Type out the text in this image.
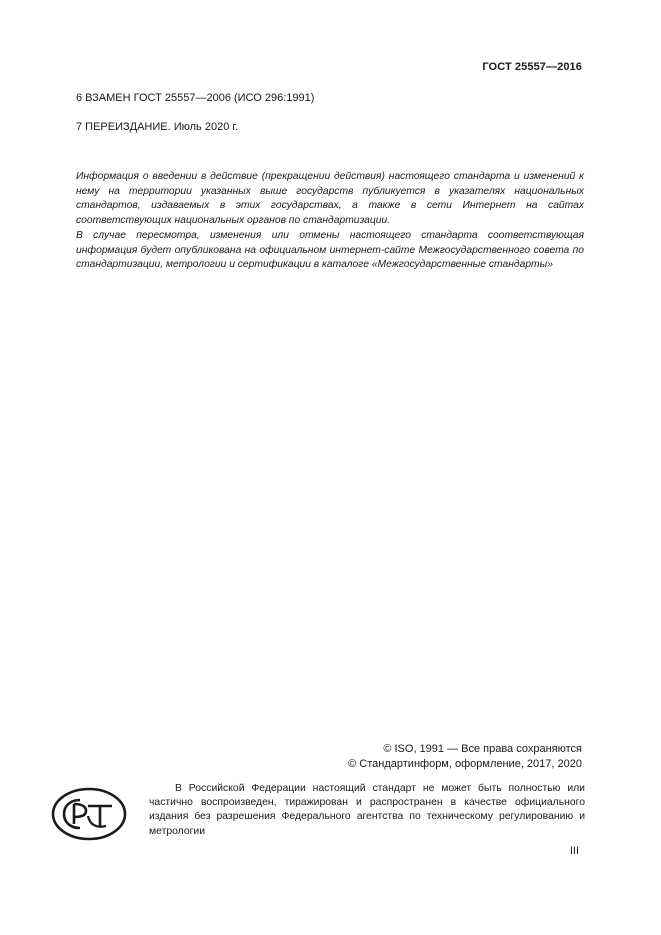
ГОСТ 25557—2016
6 ВЗАМЕН ГОСТ 25557—2006 (ИСО 296:1991)
7 ПЕРЕИЗДАНИЕ. Июль 2020 г.

Информация о введении в действие (прекращении действия) настоящего стандарта и изменений к нему на территории указанных выше государств публикуется в указателях национальных стандартов, издаваемых в этих государствах, а также в сети Интернет на сайтах соответствующих национальных органов по стандартизации.

В случае пересмотра, изменения или отмены настоящего стандарта соответствующая информация будет опубликована на официальном интернет-сайте Межгосударственного совета по стандартизации, метрологии и сертификации в каталоге «Межгосударственные стандарты»

© ISO, 1991 — Все права сохраняются
© Стандартинформ, оформление, 2017, 2020
В Российской Федерации настоящий стандарт не может быть полностью или частично воспроизведен, тиражирован и распространен в качестве официального издания без разрешения Федерального агентства по техническому регулированию и метрологии
III
